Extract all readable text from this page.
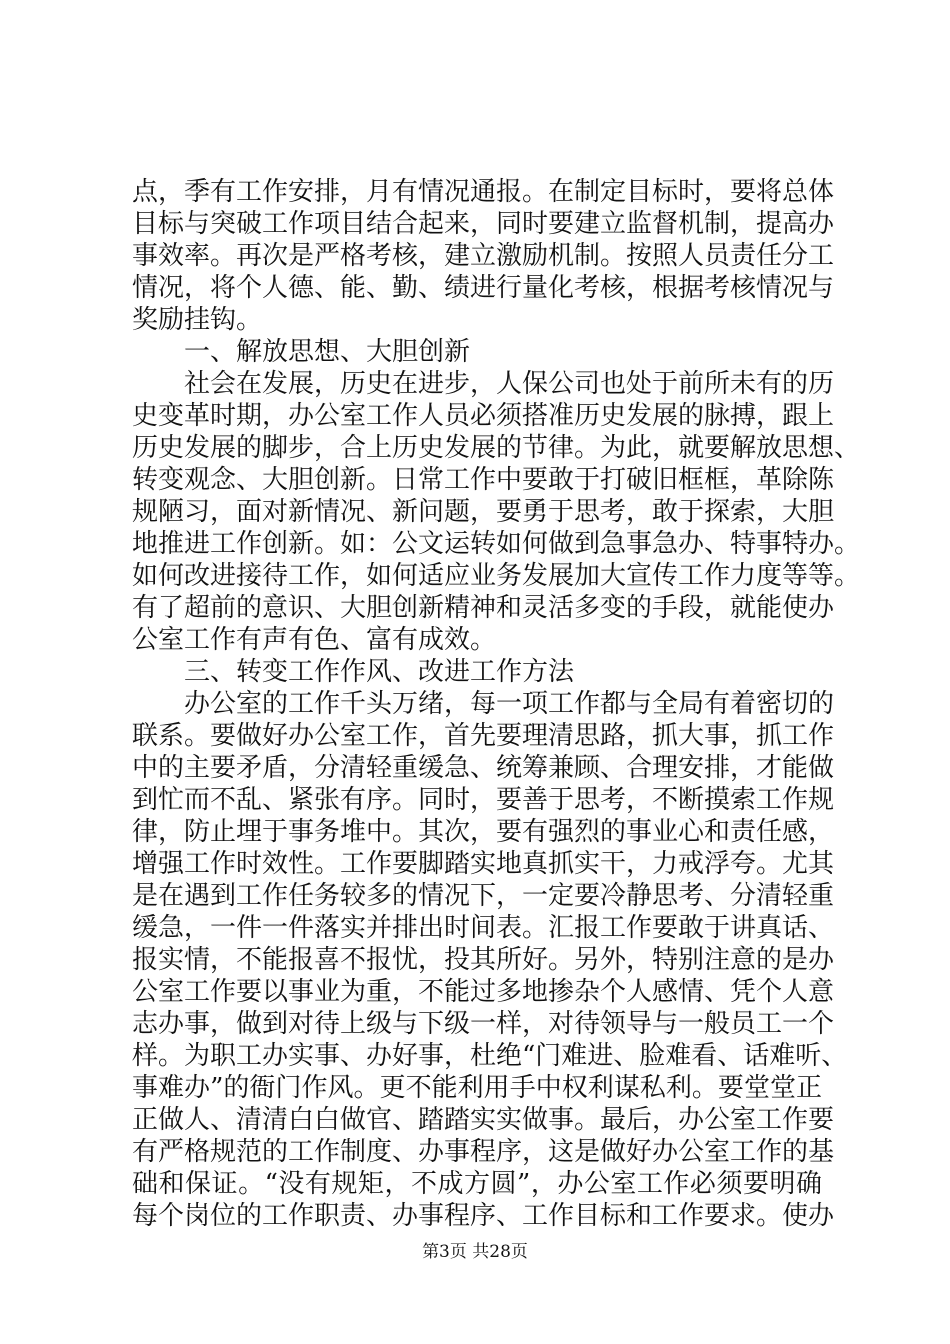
点，季有工作安排，月有情况通报。在制定目标时，要将总体
目标与突破工作项目结合起来，同时要建立监督机制，提高办
事效率。再次是严格考核，建立激励机制。按照人员责任分工
情况，将个人德、能、勤、绩进行量化考核，根据考核情况与
奖励挂钩。
一、解放思想、大胆创新
社会在发展，历史在进步，人保公司也处于前所未有的历
史变革时期，办公室工作人员必须搭准历史发展的脉搏，跟上
历史发展的脚步，合上历史发展的节律。为此，就要解放思想、
转变观念、大胆创新。日常工作中要敢于打破旧框框，革除陈
规陋习，面对新情况、新问题，要勇于思考，敢于探索，大胆
地推进工作创新。如：公文运转如何做到急事急办、特事特办。
如何改进接待工作，如何适应业务发展加大宣传工作力度等等。
有了超前的意识、大胆创新精神和灵活多变的手段，就能使办
公室工作有声有色、富有成效。
三、转变工作作风、改进工作方法
办公室的工作千头万绪，每一项工作都与全局有着密切的
联系。要做好办公室工作，首先要理清思路，抓大事，抓工作
中的主要矛盾，分清轻重缓急、统筹兼顾、合理安排，才能做
到忙而不乱、紧张有序。同时，要善于思考，不断摸索工作规
律，防止埋于事务堆中。其次，要有强烈的事业心和责任感，
增强工作时效性。工作要脚踏实地真抓实干，力戒浮夸。尤其
是在遇到工作任务较多的情况下，一定要冷静思考、分清轻重
缓急，一件一件落实并排出时间表。汇报工作要敢于讲真话、
报实情，不能报喜不报忧，投其所好。另外，特别注意的是办
公室工作要以事业为重，不能过多地掺杂个人感情、凭个人意
志办事，做到对待上级与下级一样，对待领导与一般员工一个
样。为职工办实事、办好事，杜绝“门难进、脸难看、话难听、
事难办”的衙门作风。更不能利用手中权利谋私利。要堂堂正
正做人、清清白白做官、踏踏实实做事。最后，办公室工作要
有严格规范的工作制度、办事程序，这是做好办公室工作的基
础和保证。“没有规矩，不成方圆”，办公室工作必须要明确
每个岗位的工作职责、办事程序、工作目标和工作要求。使办
第3页 共28页
